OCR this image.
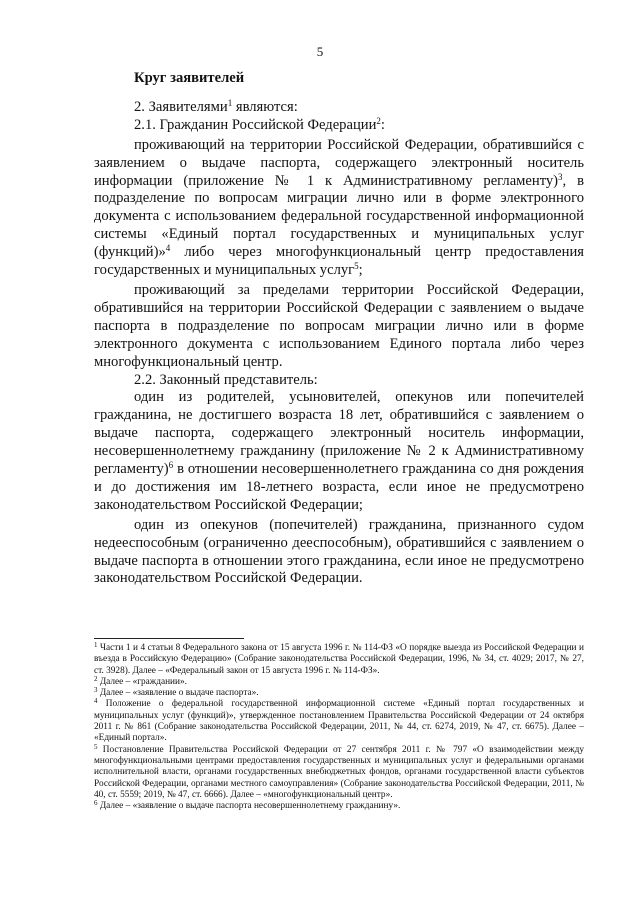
5
Круг заявителей

2. Заявителями$^1$ являются:

2.1. Гражданин Российской Федерации$^2$:

проживающий на территории Российской Федерации, обратившийся с заявлением о выдаче паспорта, содержащего электронный носитель информации (приложение № 1 к Административному регламенту)$^3$, в подразделение по вопросам миграции лично или в форме электронного документа с использованием федеральной государственной информационной системы «Единый портал государственных и муниципальных услуг (функций)»$^4$ либо через многофункциональный центр предоставления государственных и муниципальных услуг$^5$;

проживающий за пределами территории Российской Федерации, обратившийся на территории Российской Федерации с заявлением о выдаче паспорта в подразделение по вопросам миграции лично или в форме электронного документа с использованием Единого портала либо через многофункциональный центр.

2.2. Законный представитель:

один из родителей, усыновителей, опекунов или попечителей гражданина, не достигшего возраста 18 лет, обратившийся с заявлением о выдаче паспорта, содержащего электронный носитель информации, несовершеннолетнему гражданину (приложение № 2 к Административному регламенту)$^6$ в отношении несовершеннолетнего гражданина со дня рождения и до достижения им 18-летнего возраста, если иное не предусмотрено законодательством Российской Федерации;

один из опекунов (попечителей) гражданина, признанного судом недееспособным (ограниченно дееспособным), обратившийся с заявлением о выдаче паспорта в отношении этого гражданина, если иное не предусмотрено законодательством Российской Федерации.

$^1$ Части 1 и 4 статьи 8 Федерального закона от 15 августа 1996 г. № 114-ФЗ «О порядке выезда из Российской Федерации и въезда в Российскую Федерацию» (Собрание законодательства Российской Федерации, 1996, № 34, ст. 4029; 2017, № 27, ст. 3928). Далее – «Федеральный закон от 15 августа 1996 г. № 114-ФЗ».

$^2$ Далее – «граждании».

$^3$ Далее – «заявление о выдаче паспорта».

$^4$ Положение о федеральной государственной информационной системе «Единый портал государственных и муниципальных услуг (функций)», утвержденное постановлением Правительства Российской Федерации от 24 октября 2011 г. № 861 (Собрание законодательства Российской Федерации, 2011, № 44, ст. 6274, 2019, № 47, ст. 6675). Далее – «Единый портал».

$^5$ Постановление Правительства Российской Федерации от 27 сентября 2011 г. № 797 «О взаимодействии между многофункциональными центрами предоставления государственных и муниципальных услуг и федеральными органами исполнительной власти, органами государственных внебюджетных фондов, органами государственной власти субъектов Российской Федерации, органами местного самоуправления» (Собрание законодательства Российской Федерации, 2011, № 40, ст. 5559; 2019, № 47, ст. 6666). Далее – «многофункциональный центр».

$^6$ Далее – «заявление о выдаче паспорта несовершеннолетнему гражданину».
